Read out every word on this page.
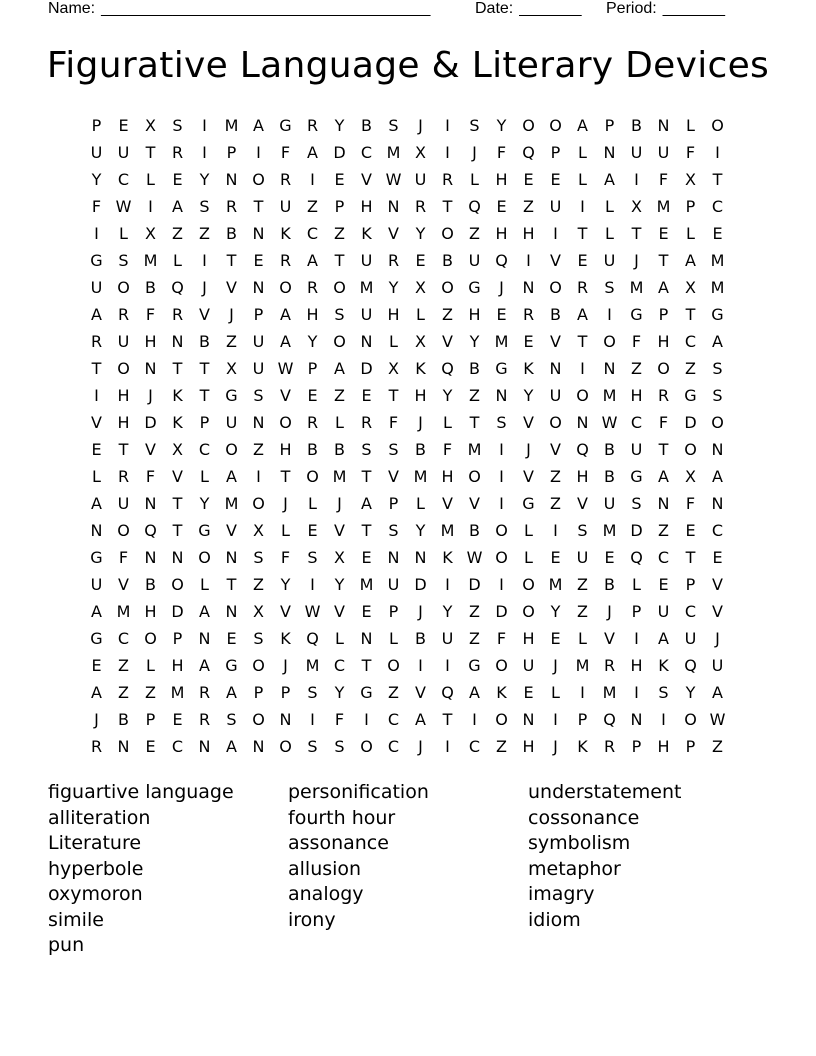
Name: _____________________________________	Date: _______ Period: _______
Figurative Language & Literary Devices
P	E	X	S	I	M A G R	Y	B	S	J	I	S	Y O O A	P	B N	L	O
U U	T	R	I	P	I	F	A D C M X	I	J	F	Q P	L	N U U	F	I
Y	C	L	E	Y	N O R	I	E	V W U R	L	H E	E	L	A	I	F	X	T
F W	I	A	S	R	T	U Z	P	H N R	T Q E	Z U	I	L	X M P	C
I	L	X	Z	Z	B N K	C Z	K	V	Y O Z H H	I	T	L	T	E	L	E
G S M L	I	T	E	R A	T	U R	E	B U Q	I	V	E	U	J	T	A M
U O B Q	J	V N O R O M Y	X O G	J	N O R	S M A	X M
A R	F	R V	J	P	A H S	U H	L	Z H E	R B	A	I	G P	T G
R U H N B	Z U A	Y O N	L	X	V	Y M E	V	T O	F	H C A
T O N	T	T	X U W P	A D X	K Q B G K N	I	N Z O Z	S
I	H	J	K	T G S	V	E	Z	E	T	H	Y	Z N	Y	U O M H R G S
V H D K	P	U N O R	L	R	F	J	L	T	S	V O N W C	F	D O
E	T	V	X C O Z H B	B	S	S	B	F M	I	J	V Q B U	T O N
L	R	F	V	L	A	I	T O M T	V M H O	I	V	Z H B G A	X	A
A U N	T	Y M O	J	L	J	A	P	L	V	V	I	G Z	V U	S N	F	N
N O Q T G V	X	L	E	V	T	S	Y M B O	L	I	S M D Z	E	C
G	F	N N O N S	F	S	X	E N N K W O	L	E	U	E Q C	T	E
U V	B O	L	T	Z	Y	I	Y M U D	I	D	I	O M Z	B	L	E	P	V
A M H D A N X	V W V	E	P	J	Y	Z D O Y	Z	J	P	U C V
G C O P	N E	S	K Q	L	N	L	B U Z	F	H E	L	V	I	A U	J
E	Z	L	H A G O	J	M C	T O	I	I	G O U	J	M R H K Q U
A	Z	Z M R A	P	P	S	Y G Z	V Q A	K	E	L	I	M	I	S	Y	A
J	B	P	E	R	S O N	I	F	I	C A	T	I	O N	I	P Q N	I	O W
R N E	C N A N O S	S O C	J	I	C Z H	J	K	R	P	H	P	Z
figuartive language
alliteration
Literature
hyperbole
oxymoron
simile
pun
personification
fourth hour
assonance
allusion
analogy
irony
understatement
cossonance
symbolism
metaphor
imagry
idiom
